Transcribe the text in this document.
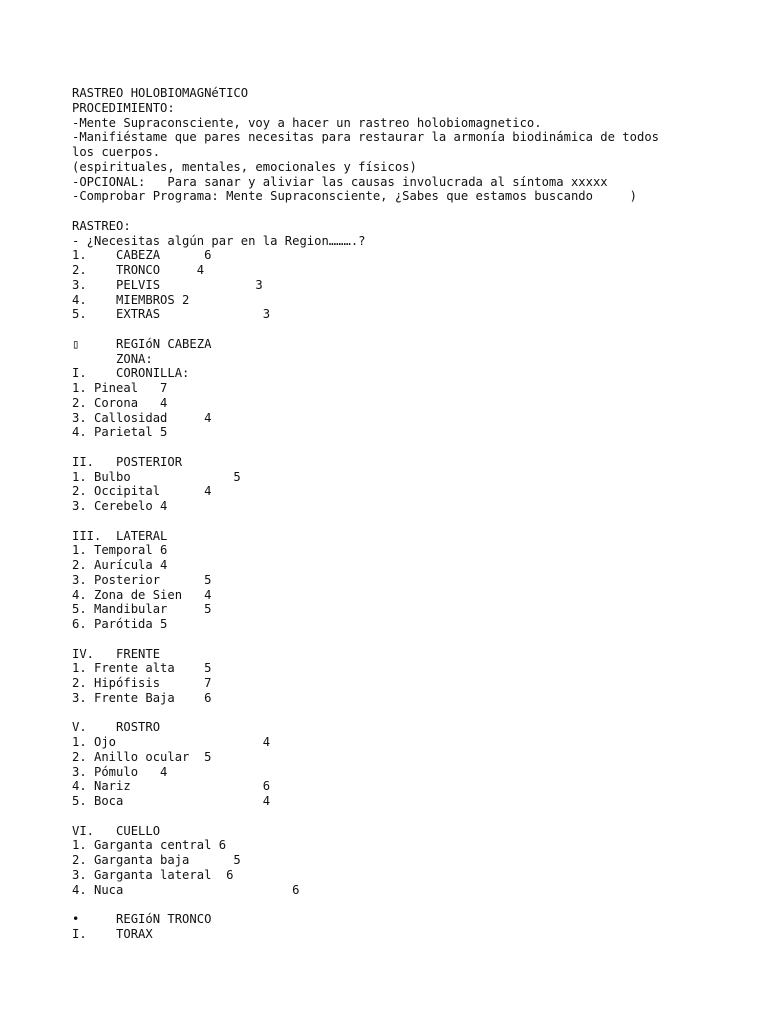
RASTREO HOLOBIOMAGNéTICO
PROCEDIMIENTO:
-Mente Supraconsciente, voy a hacer un rastreo holobiomagnetico.
-Manifiéstame que pares necesitas para restaurar la armonía biodinámica de todos
los cuerpos.
(espirituales, mentales, emocionales y físicos)
-OPCIONAL:   Para sanar y aliviar las causas involucrada al síntoma xxxxx
-Comprobar Programa: Mente Supraconsciente, ¿Sabes que estamos buscando     )
RASTREO:
- ¿Necesitas algún par en la Region……….?
1.    CABEZA      6
2.    TRONCO     4
3.    PELVIS             3
4.    MIEMBROS 2
5.    EXTRAS              3
▯     REGIóN CABEZA
ZONA:
I.    CORONILLA:
1. Pineal   7
2. Corona   4
3. Callosidad     4
4. Parietal 5
II.   POSTERIOR
1. Bulbo              5
2. Occipital      4
3. Cerebelo 4
III.  LATERAL
1. Temporal 6
2. Aurícula 4
3. Posterior      5
4. Zona de Sien   4
5. Mandibular     5
6. Parótida 5
IV.   FRENTE
1. Frente alta    5
2. Hipófisis      7
3. Frente Baja    6
V.    ROSTRO
1. Ojo                    4
2. Anillo ocular  5
3. Pómulo   4
4. Nariz                  6
5. Boca                   4
VI.   CUELLO
1. Garganta central 6
2. Garganta baja      5
3. Garganta lateral  6
4. Nuca                       6
•     REGIóN TRONCO
I.    TORAX
